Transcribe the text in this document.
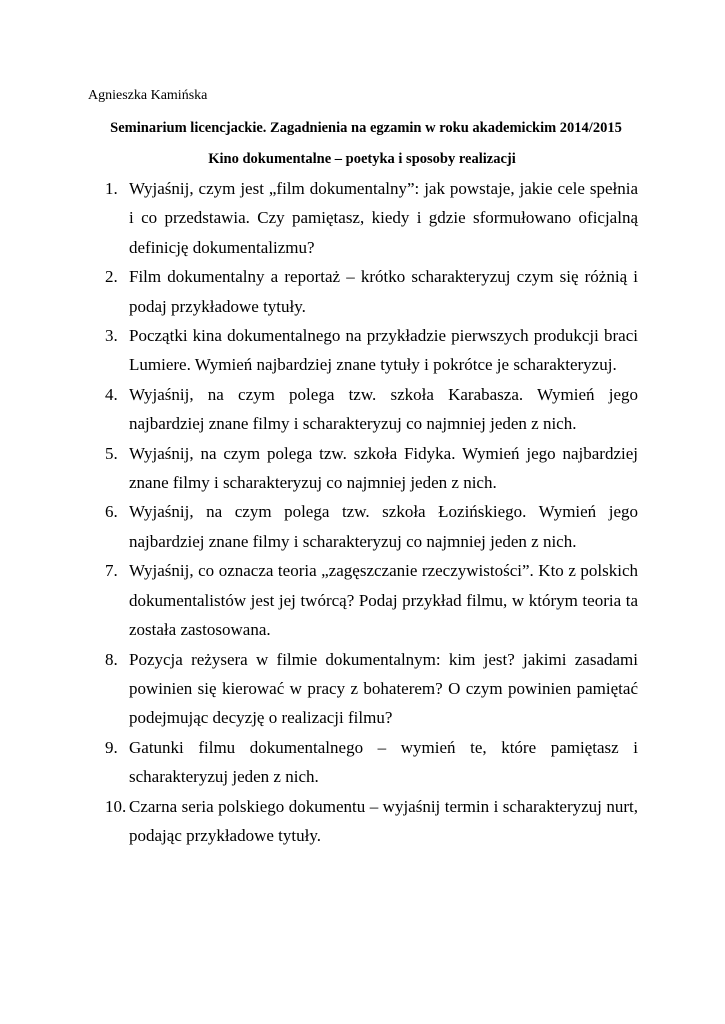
Agnieszka Kamińska
Seminarium licencjackie. Zagadnienia na egzamin w roku akademickim 2014/2015
Kino dokumentalne – poetyka i sposoby realizacji
1. Wyjaśnij, czym jest „film dokumentalny”: jak powstaje, jakie cele spełnia i co przedstawia. Czy pamiętasz, kiedy i gdzie sformułowano oficjalną definicję dokumentalizmu?
2. Film dokumentalny a reportaż – krótko scharakteryzuj czym się różnią i podaj przykładowe tytuły.
3. Początki kina dokumentalnego na przykładzie pierwszych produkcji braci Lumiere. Wymień najbardziej znane tytuły i pokrótce je scharakteryzuj.
4. Wyjaśnij, na czym polega tzw. szkoła Karabasza. Wymień jego najbardziej znane filmy i scharakteryzuj co najmniej jeden z nich.
5. Wyjaśnij, na czym polega tzw. szkoła Fidyka. Wymień jego najbardziej znane filmy i scharakteryzuj co najmniej jeden z nich.
6. Wyjaśnij, na czym polega tzw. szkoła Łozińskiego. Wymień jego najbardziej znane filmy i scharakteryzuj co najmniej jeden z nich.
7. Wyjaśnij, co oznacza teoria „zagęszczanie rzeczywistości”. Kto z polskich dokumentalistów jest jej twórcą? Podaj przykład filmu, w którym teoria ta została zastosowana.
8. Pozycja reżysera w filmie dokumentalnym: kim jest? jakimi zasadami powinien się kierować w pracy z bohaterem? O czym powinien pamiętać podejmując decyzję o realizacji filmu?
9. Gatunki filmu dokumentalnego – wymień te, które pamiętasz i scharakteryzuj jeden z nich.
10. Czarna seria polskiego dokumentu – wyjaśnij termin i scharakteryzuj nurt, podając przykładowe tytuły.
